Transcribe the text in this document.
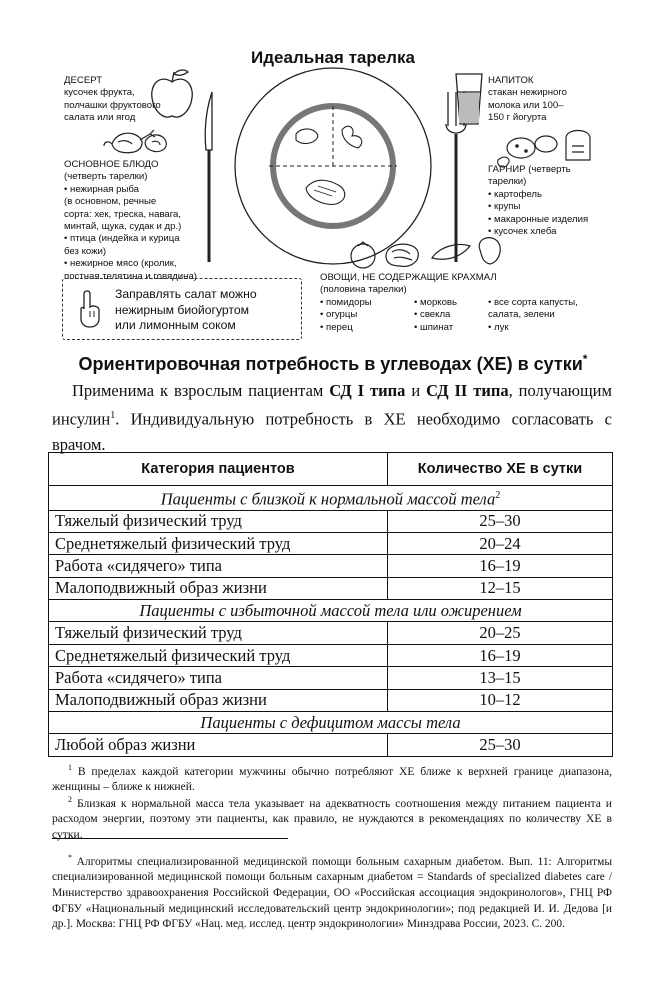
Идеальная тарелка
ДЕСЕРТ
кусочек фрукта,
полчашки фруктового
салата или ягод
ОСНОВНОЕ БЛЮДО
(четверть тарелки)
• нежирная рыба
(в основном, речные
сорта: хек, треска, навага,
минтай, щука, судак и др.)
• птица (индейка и курица
без кожи)
• нежирное мясо (кролик,
постная телятина и говядина)
НАПИТОК
стакан нежирного
молока или 100–
150 г йогурта
ГАРНИР (четверть
тарелки)
• картофель
• крупы
• макаронные изделия
• кусочек хлеба
ОВОЩИ, НЕ СОДЕРЖАЩИЕ КРАХМАЛ
(половина тарелки)
• помидоры
• огурцы
• перец
• морковь
• свекла
• шпинат
• все сорта капусты,
салата, зелени
• лук
Заправлять салат можно
нежирным биойогуртом
или лимонным соком
Ориентировочная потребность в углеводах (ХЕ) в сутки*
Применима к взрослым пациентам СД I типа и СД II типа, получающим инсулин$^1$. Индивидуальную потребность в ХЕ необходимо согласовать с врачом.
Категория пациентов	Количество ХЕ в сутки
Пациенты с близкой к нормальной массой тела$^2$
Тяжелый физический труд	25–30
Среднетяжелый физический труд	20–24
Работа «сидячего» типа	16–19
Малоподвижный образ жизни	12–15
Пациенты с избыточной массой тела или ожирением	
Тяжелый физический труд	20–25
Среднетяжелый физический труд	16–19
Работа «сидячего» типа	13–15
Малоподвижный образ жизни	10–12
Пациенты с дефицитом массы тела	
Любой образ жизни	25–30
$^1$ В пределах каждой категории мужчины обычно потребляют ХЕ ближе к верхней границе диапазона, женщины – ближе к нижней.
$^2$ Близкая к нормальной масса тела указывает на адекватность соотношения между питанием пациента и расходом энергии, поэтому эти пациенты, как правило, не нуждаются в рекомендациях по количеству ХЕ в сутки.
* Алгоритмы специализированной медицинской помощи больным сахарным диабетом. Вып. 11: Алгоритмы специализированной медицинской помощи больным сахарным диабетом = Standards of specialized diabetes care / Министерство здравоохранения Российской Федерации, ОО «Российская ассоциация эндокринологов», ГНЦ РФ ФГБУ «Национальный медицинский исследовательский центр эндокринологии»; под редакцией И. И. Дедова [и др.]. Москва: ГНЦ РФ ФГБУ «Нац. мед. исслед. центр эндокринологии» Минздрава России, 2023. С. 200.
